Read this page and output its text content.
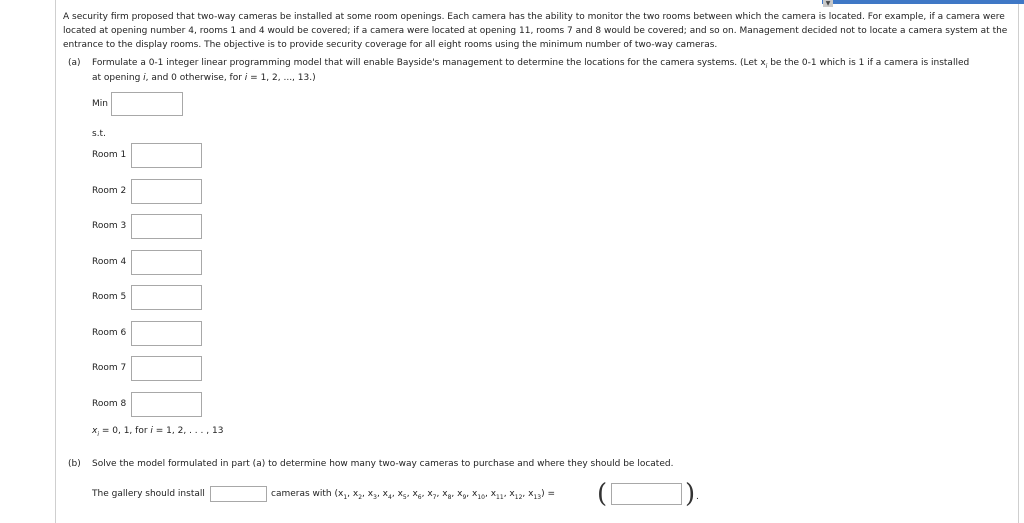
▼
A security firm proposed that two-way cameras be installed at some room openings. Each camera has the ability to monitor the two rooms between which the camera is located. For example, if a camera were located at opening number 4, rooms 1 and 4 would be covered; if a camera were located at opening 11, rooms 7 and 8 would be covered; and so on. Management decided not to locate a camera system at the entrance to the display rooms. The objective is to provide security coverage for all eight rooms using the minimum number of two-way cameras.
(a) Formulate a 0-1 integer linear programming model that will enable Bayside's management to determine the locations for the camera systems. (Let $x_i$ be the 0-1 which is 1 if a camera is installed
at opening i, and 0 otherwise, for i = 1, 2, ..., 13.)
Min
s.t.
Room 1
Room 2
Room 3
Room 4
Room 5
Room 6
Room 7
Room 8
$x_i = 0$, 1, for i = 1, 2, . . . , 13
(b) Solve the model formulated in part (a) to determine how many two-way cameras to purchase and where they should be located.
The gallery should install	cameras with ($x_1$, $x_2$, $x_3$, $x_4$, $x_5$, $x_6$, $x_7$, $x_8$, $x_9$, $x_{10}$, $x_{11}$, $x_{12}$, $x_{13}$) = (	) .
